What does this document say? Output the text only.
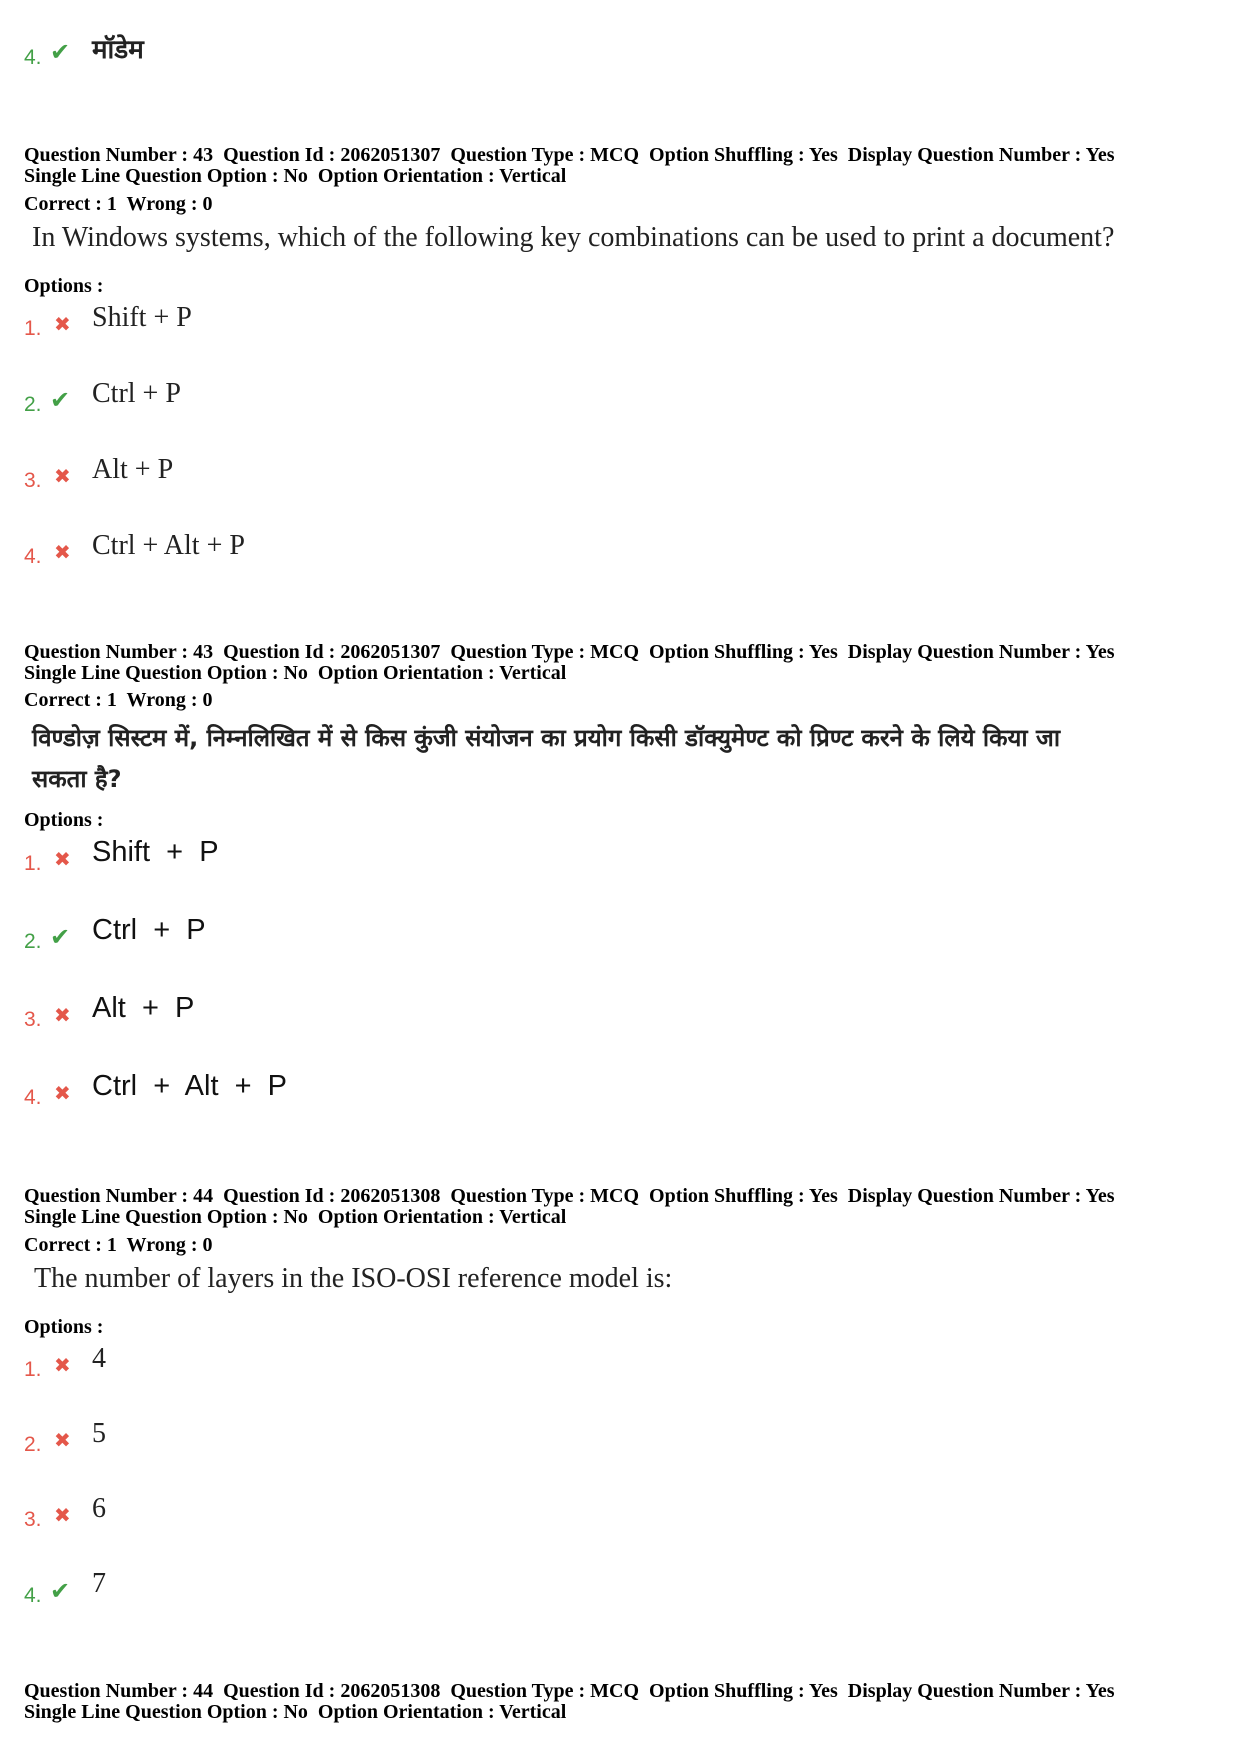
4. ✔ मॉडेम
Question Number : 43  Question Id : 2062051307  Question Type : MCQ  Option Shuffling : Yes  Display Question Number : Yes
Single Line Question Option : No  Option Orientation : Vertical
Correct : 1  Wrong : 0
In Windows systems, which of the following key combinations can be used to print a document?
Options :
1. ✖ Shift + P
2. ✔ Ctrl + P
3. ✖ Alt + P
4. ✖ Ctrl + Alt + P
Question Number : 43  Question Id : 2062051307  Question Type : MCQ  Option Shuffling : Yes  Display Question Number : Yes
Single Line Question Option : No  Option Orientation : Vertical
Correct : 1  Wrong : 0
विण्डोज़ सिस्टम में, निम्नलिखित में से किस कुंजी संयोजन का प्रयोग किसी डॉक्युमेण्ट को प्रिण्ट करने के लिये किया जा
सकता है?
Options :
1. ✖ Shift  +  P
2. ✔ Ctrl  +  P
3. ✖ Alt  +  P
4. ✖ Ctrl  +  Alt  +  P
Question Number : 44  Question Id : 2062051308  Question Type : MCQ  Option Shuffling : Yes  Display Question Number : Yes
Single Line Question Option : No  Option Orientation : Vertical
Correct : 1  Wrong : 0
The number of layers in the ISO-OSI reference model is:
Options :
1. ✖ 4
2. ✖ 5
3. ✖ 6
4. ✔ 7
Question Number : 44  Question Id : 2062051308  Question Type : MCQ  Option Shuffling : Yes  Display Question Number : Yes
Single Line Question Option : No  Option Orientation : Vertical
